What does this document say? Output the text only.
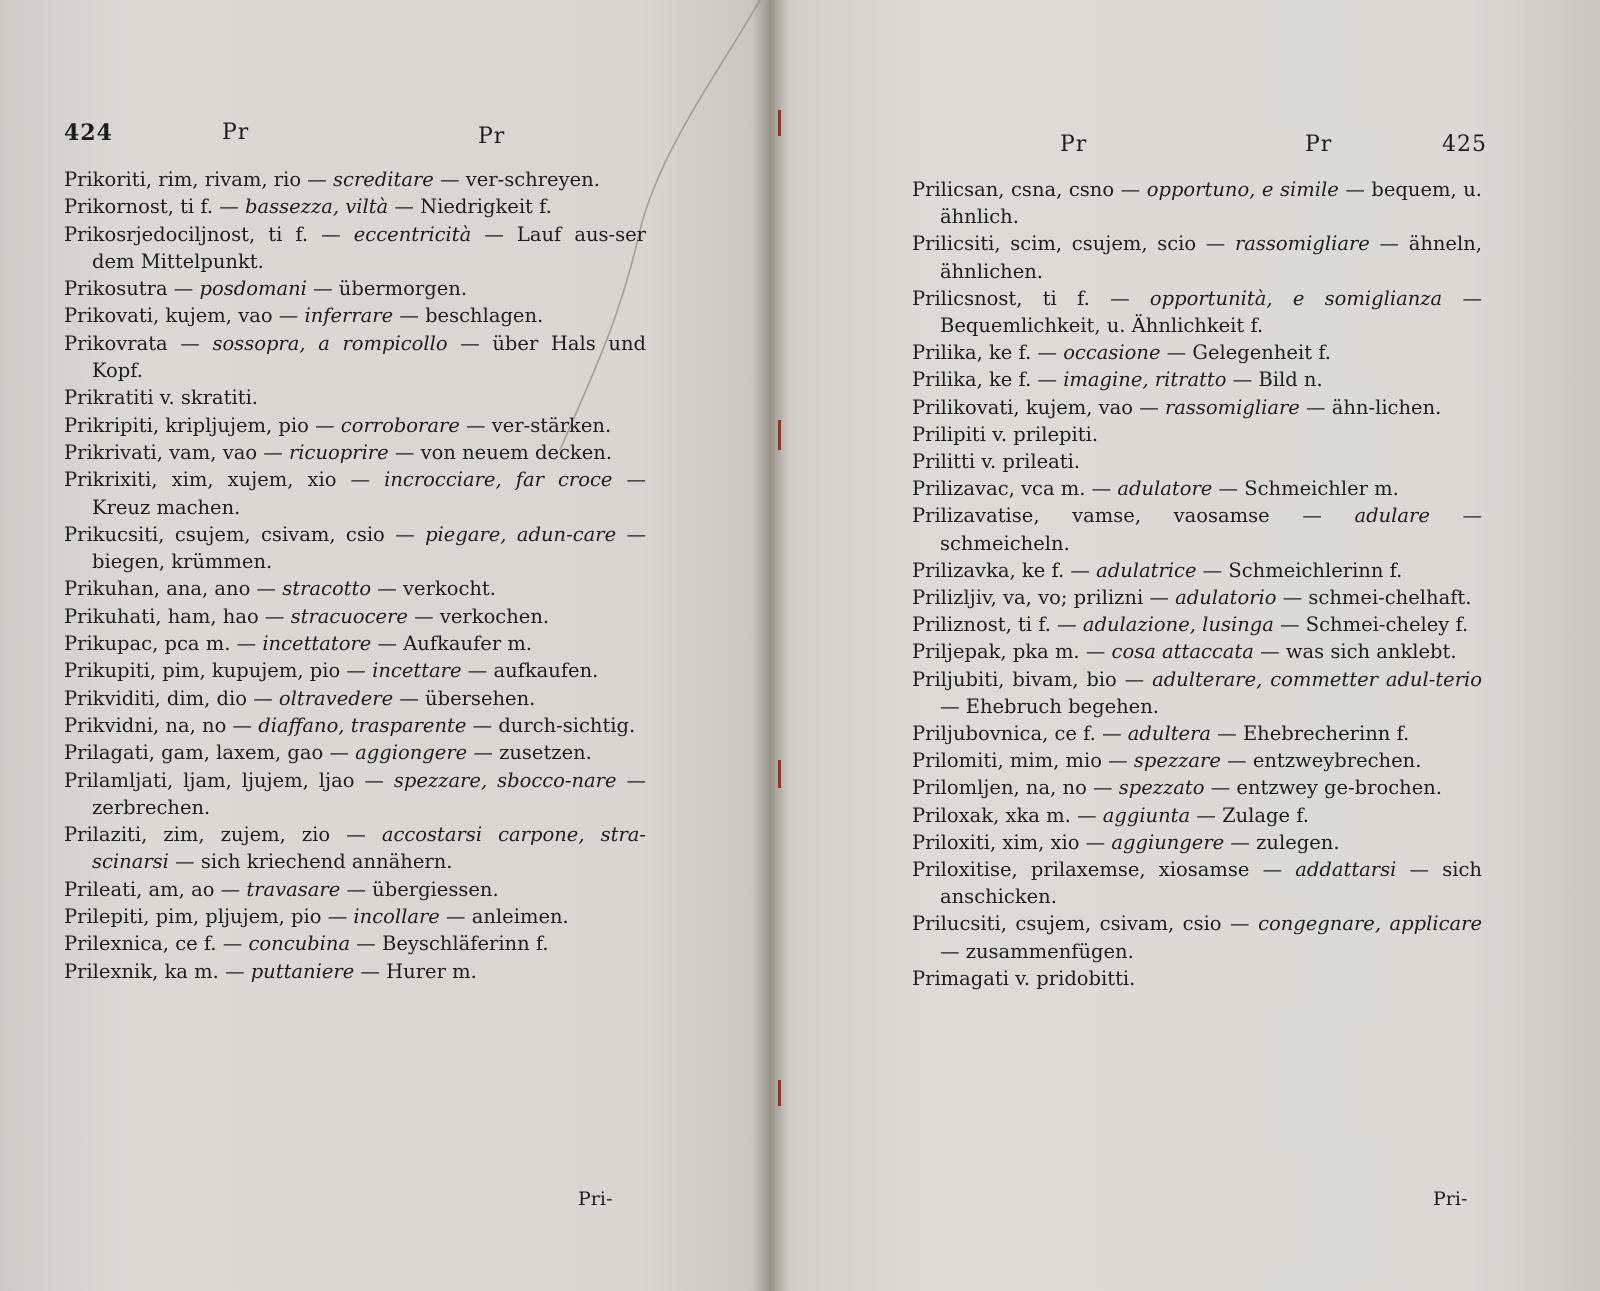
424	Pr	Pr
Prikoriti, rim, rivam, rio — screditare — ver-schreyen.
Prikornost, ti f. — bassezza, viltà — Niedrigkeit f.
Prikosrjedociljnost, ti f. — eccentricità — Lauf aus-ser dem Mittelpunkt.
Prikosutra — posdomani — übermorgen.
Prikovati, kujem, vao — inferrare — beschlagen.
Prikovrata — sossopra, a rompicollo — über Hals und Kopf.
Prikratiti v. skratiti.
Prikripiti, kripljujem, pio — corroborare — ver-stärken.
Prikrivati, vam, vao — ricuoprire — von neuem decken.
Prikrixiti, xim, xujem, xio — incrocciare, far croce — Kreuz machen.
Prikucsiti, csujem, csivam, csio — piegare, adun-care — biegen, krümmen.
Prikuhan, ana, ano — stracotto — verkocht.
Prikuhati, ham, hao — stracuocere — verkochen.
Prikupac, pca m. — incettatore — Aufkaufer m.
Prikupiti, pim, kupujem, pio — incettare — aufkaufen.
Prikviditi, dim, dio — oltravedere — übersehen.
Prikvidni, na, no — diaffano, trasparente — durch-sichtig.
Prilagati, gam, laxem, gao — aggiongere — zusetzen.
Prilamljati, ljam, ljujem, ljao — spezzare, sbocco-nare — zerbrechen.
Prilaziti, zim, zujem, zio — accostarsi carpone, stra-scinarsi — sich kriechend annähern.
Prileati, am, ao — travasare — übergiessen.
Prilepiti, pim, pljujem, pio — incollare — anleimen.
Prilexnica, ce f. — concubina — Beyschläferinn f.
Prilexnik, ka m. — puttaniere — Hurer m.
Pri-
Pr	Pr	425
Prilicsan, csna, csno — opportuno, e simile — bequem, u. ähnlich.
Prilicsiti, scim, csujem, scio — rassomigliare — ähneln, ähnlichen.
Prilicsnost, ti f. — opportunità, e somiglianza — Bequemlichkeit, u. Ähnlichkeit f.
Prilika, ke f. — occasione — Gelegenheit f.
Prilika, ke f. — imagine, ritratto — Bild n.
Prilikovati, kujem, vao — rassomigliare — ähn-lichen.
Prilipiti v. prilepiti.
Prilitti v. prileati.
Prilizavac, vca m. — adulatore — Schmeichler m.
Prilizavatise, vamse, vaosamse — adulare — schmeicheln.
Prilizavka, ke f. — adulatrice — Schmeichlerinn f.
Prilizljiv, va, vo; prilizni — adulatorio — schmei-chelhaft.
Priliznost, ti f. — adulazione, lusinga — Schmei-cheley f.
Priljepak, pka m. — cosa attaccata — was sich anklebt.
Priljubiti, bivam, bio — adulterare, commetter adul-terio — Ehebruch begehen.
Priljubovnica, ce f. — adultera — Ehebrecherinn f.
Prilomiti, mim, mio — spezzare — entzweybrechen.
Prilomljen, na, no — spezzato — entzwey ge-brochen.
Priloxak, xka m. — aggiunta — Zulage f.
Priloxiti, xim, xio — aggiungere — zulegen.
Priloxitise, prilaxemse, xiosamse — addattarsi — sich anschicken.
Prilucsiti, csujem, csivam, csio — congegnare, applicare — zusammenfügen.
Primagati v. pridobitti.
Pri-
